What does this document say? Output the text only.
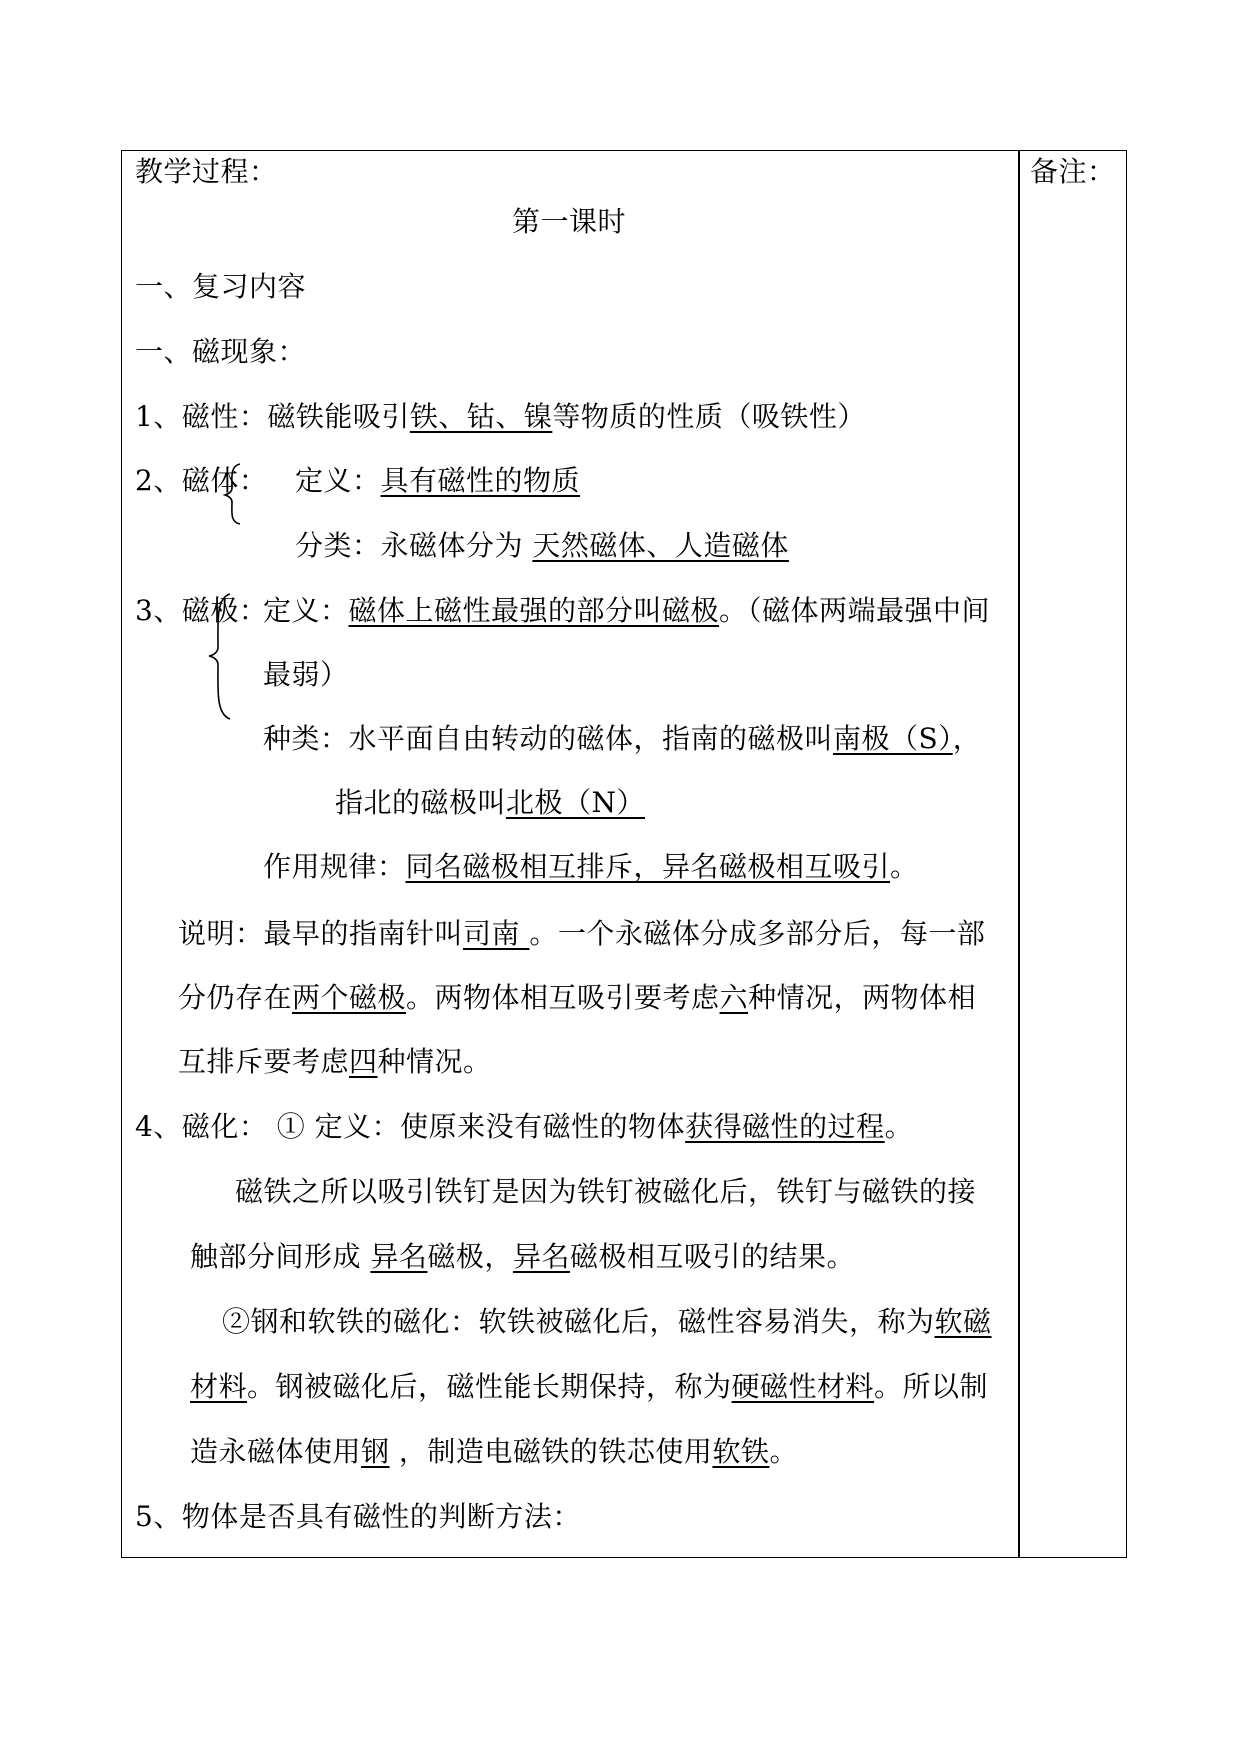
教学过程：	备注：
第一课时
一、复习内容
一、磁现象：
1、磁性：磁铁能吸引铁、钴、镍等物质的性质（吸铁性）
2、磁体： 定义：具有磁性的物质
分类：永磁体分为 天然磁体、人造磁体
3、磁极：
定义：磁体上磁性最强的部分叫磁极。（磁体两端最强中间
最弱）
种类：水平面自由转动的磁体，指南的磁极叫南极（S），
指北的磁极叫北极（N）
作用规律：同名磁极相互排斥，异名磁极相互吸引。
说明：最早的指南针叫司南 。一个永磁体分成多部分后，每一部
分仍存在两个磁极。两物体相互吸引要考虑六种情况，两物体相
互排斥要考虑四种情况。
4、磁化： ① 定义：使原来没有磁性的物体获得磁性的过程。
磁铁之所以吸引铁钉是因为铁钉被磁化后，铁钉与磁铁的接
触部分间形成 异名磁极，异名磁极相互吸引的结果。
②钢和软铁的磁化：软铁被磁化后，磁性容易消失，称为软磁
材料。钢被磁化后，磁性能长期保持，称为硬磁性材料。所以制
造永磁体使用钢 ，制造电磁铁的铁芯使用软铁。
5、物体是否具有磁性的判断方法：
